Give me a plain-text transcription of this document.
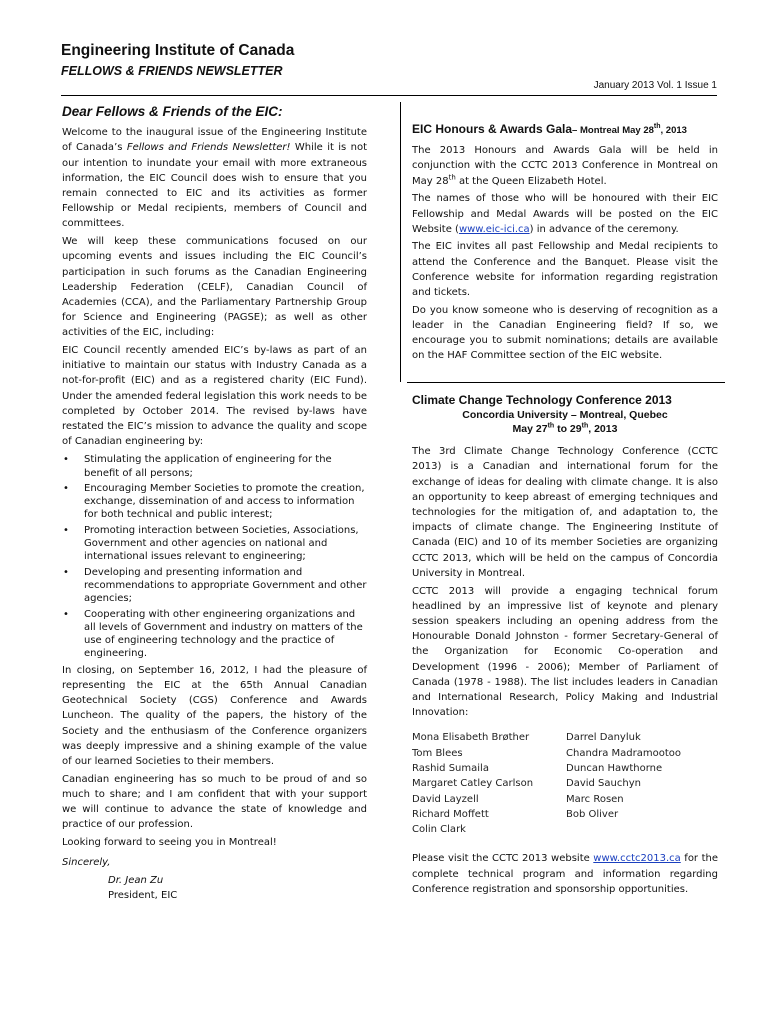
Engineering Institute of Canada
FELLOWS & FRIENDS NEWSLETTER
January 2013 Vol. 1 Issue 1

Dear Fellows & Friends of the EIC:

Welcome to the inaugural issue of the Engineering Institute of Canada’s Fellows and Friends Newsletter! While it is not our intention to inundate your email with more extraneous information, the EIC Council does wish to ensure that you remain connected to EIC and its activities as former Fellowship or Medal recipients, members of Council and committees.

We will keep these communications focused on our upcoming events and issues including the EIC Council’s participation in such forums as the Canadian Engineering Leadership Federation (CELF), Canadian Council of Academies (CCA), and the Parliamentary Partnership Group for Science and Engineering (PAGSE); as well as other activities of the EIC, including:

EIC Council recently amended EIC’s by-laws as part of an initiative to maintain our status with Industry Canada as a not-for-profit (EIC) and as a registered charity (EIC Fund). Under the amended federal legislation this work needs to be completed by October 2014. The revised by-laws have restated the EIC’s mission to advance the quality and scope of Canadian engineering by:

• Stimulating the application of engineering for the benefit of all persons;
• Encouraging Member Societies to promote the creation, exchange, dissemination of and access to information for both technical and public interest;
• Promoting interaction between Societies, Associations, Government and other agencies on national and international issues relevant to engineering;
• Developing and presenting information and recommendations to appropriate Government and other agencies;
• Cooperating with other engineering organizations and all levels of Government and industry on matters of the use of engineering technology and the practice of engineering.

In closing, on September 16, 2012, I had the pleasure of representing the EIC at the 65th Annual Canadian Geotechnical Society (CGS) Conference and Awards Luncheon. The quality of the papers, the history of the Society and the enthusiasm of the Conference organizers was deeply impressive and a shining example of the value of our learned Societies to their members.

Canadian engineering has so much to be proud of and so much to share; and I am confident that with your support we will continue to advance the state of knowledge and practice of our profession.

Looking forward to seeing you in Montreal!

Sincerely,

Dr. Jean Zu

President, EIC

EIC Honours & Awards Gala– Montreal May 28th, 2013

The 2013 Honours and Awards Gala will be held in conjunction with the CCTC 2013 Conference in Montreal on May 28th at the Queen Elizabeth Hotel.

The names of those who will be honoured with their EIC Fellowship and Medal Awards will be posted on the EIC Website (www.eic-ici.ca) in advance of the ceremony.

The EIC invites all past Fellowship and Medal recipients to attend the Conference and the Banquet. Please visit the Conference website for information regarding registration and tickets.

Do you know someone who is deserving of recognition as a leader in the Canadian Engineering field? If so, we encourage you to submit nominations; details are available on the HAF Committee section of the EIC website.

Climate Change Technology Conference 2013

Concordia University – Montreal, Quebec

May 27th to 29th, 2013

The 3rd Climate Change Technology Conference (CCTC 2013) is a Canadian and international forum for the exchange of ideas for dealing with climate change. It is also an opportunity to keep abreast of emerging techniques and technologies for the mitigation of, and adaptation to, the impacts of climate change. The Engineering Institute of Canada (EIC) and 10 of its member Societies are organizing CCTC 2013, which will be held on the campus of Concordia University in Montreal.

CCTC 2013 will provide a engaging technical forum headlined by an impressive list of keynote and plenary session speakers including an opening address from the Honourable Donald Johnston - former Secretary-General of the Organization for Economic Co-operation and Development (1996 - 2006); Member of Parliament of Canada (1978 - 1988). The list includes leaders in Canadian and International Research, Policy Making and Industrial Innovation:

Mona Elisabeth Brøther
Tom Blees
Rashid Sumaila
Margaret Catley Carlson
David Layzell
Richard Moffett
Colin Clark
Darrel Danyluk
Chandra Madramootoo
Duncan Hawthorne
David Sauchyn
Marc Rosen
Bob Oliver

Please visit the CCTC 2013 website www.cctc2013.ca for the complete technical program and information regarding Conference registration and sponsorship opportunities.
